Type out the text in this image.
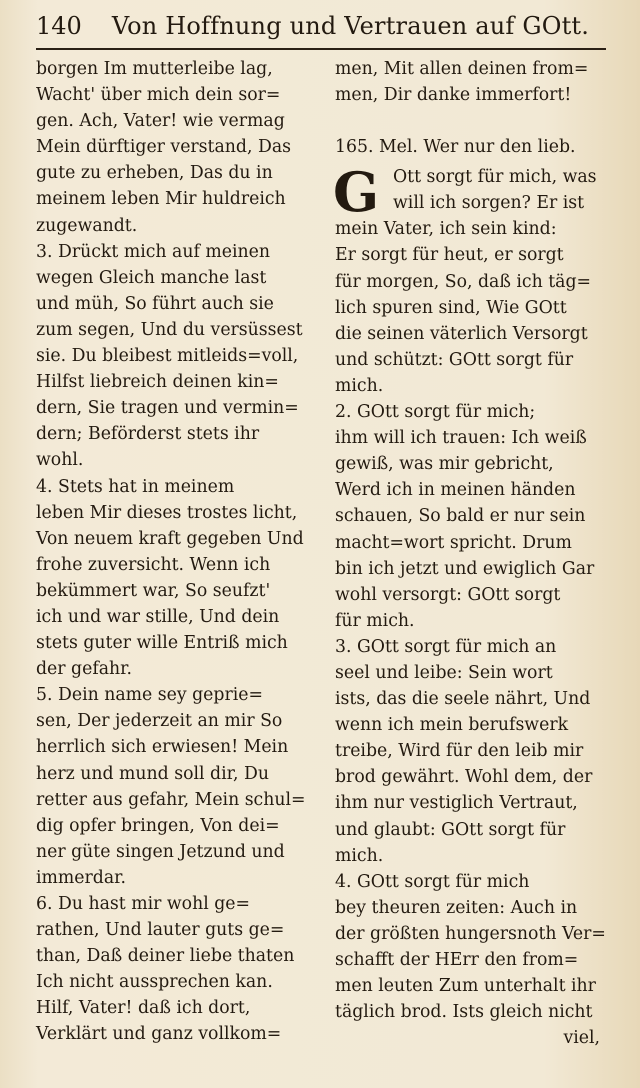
140 Von Hoffnung und Vertrauen auf GOtt.
borgen Im mutterleibe lag,
Wacht' über mich dein sor=
gen. Ach, Vater! wie vermag
Mein dürftiger verstand, Das
gute zu erheben, Das du in
meinem leben Mir huldreich
zugewandt.
3. Drückt mich auf meinen
wegen Gleich manche last
und müh, So führt auch sie
zum segen, Und du versüssest
sie. Du bleibest mitleids=voll,
Hilfst liebreich deinen kin=
dern, Sie tragen und vermin=
dern; Beförderst stets ihr
wohl.
4. Stets hat in meinem
leben Mir dieses trostes licht,
Von neuem kraft gegeben Und
frohe zuversicht. Wenn ich
bekümmert war, So seufzt'
ich und war stille, Und dein
stets guter wille Entriß mich
der gefahr.
5. Dein name sey geprie=
sen, Der jederzeit an mir So
herrlich sich erwiesen! Mein
herz und mund soll dir, Du
retter aus gefahr, Mein schul=
dig opfer bringen, Von dei=
ner güte singen Jetzund und
immerdar.
6. Du hast mir wohl ge=
rathen, Und lauter guts ge=
than, Daß deiner liebe thaten
Ich nicht aussprechen kan.
Hilf, Vater! daß ich dort,
Verklärt und ganz vollkom=
men, Mit allen deinen from=
men, Dir danke immerfort!
165. Mel. Wer nur den lieb.
G Ott sorgt für mich, was
will ich sorgen? Er ist
mein Vater, ich sein kind:
Er sorgt für heut, er sorgt
für morgen, So, daß ich täg=
lich spuren sind, Wie GOtt
die seinen väterlich Versorgt
und schützt: GOtt sorgt für
mich.
2. GOtt sorgt für mich;
ihm will ich trauen: Ich weiß
gewiß, was mir gebricht,
Werd ich in meinen händen
schauen, So bald er nur sein
macht=wort spricht. Drum
bin ich jetzt und ewiglich Gar
wohl versorgt: GOtt sorgt
für mich.
3. GOtt sorgt für mich an
seel und leibe: Sein wort
ists, das die seele nährt, Und
wenn ich mein berufswerk
treibe, Wird für den leib mir
brod gewährt. Wohl dem, der
ihm nur vestiglich Vertraut,
und glaubt: GOtt sorgt für
mich.
4. GOtt sorgt für mich
bey theuren zeiten: Auch in
der größten hungersnoth Ver=
schafft der HErr den from=
men leuten Zum unterhalt ihr
täglich brod. Ists gleich nicht
viel,
